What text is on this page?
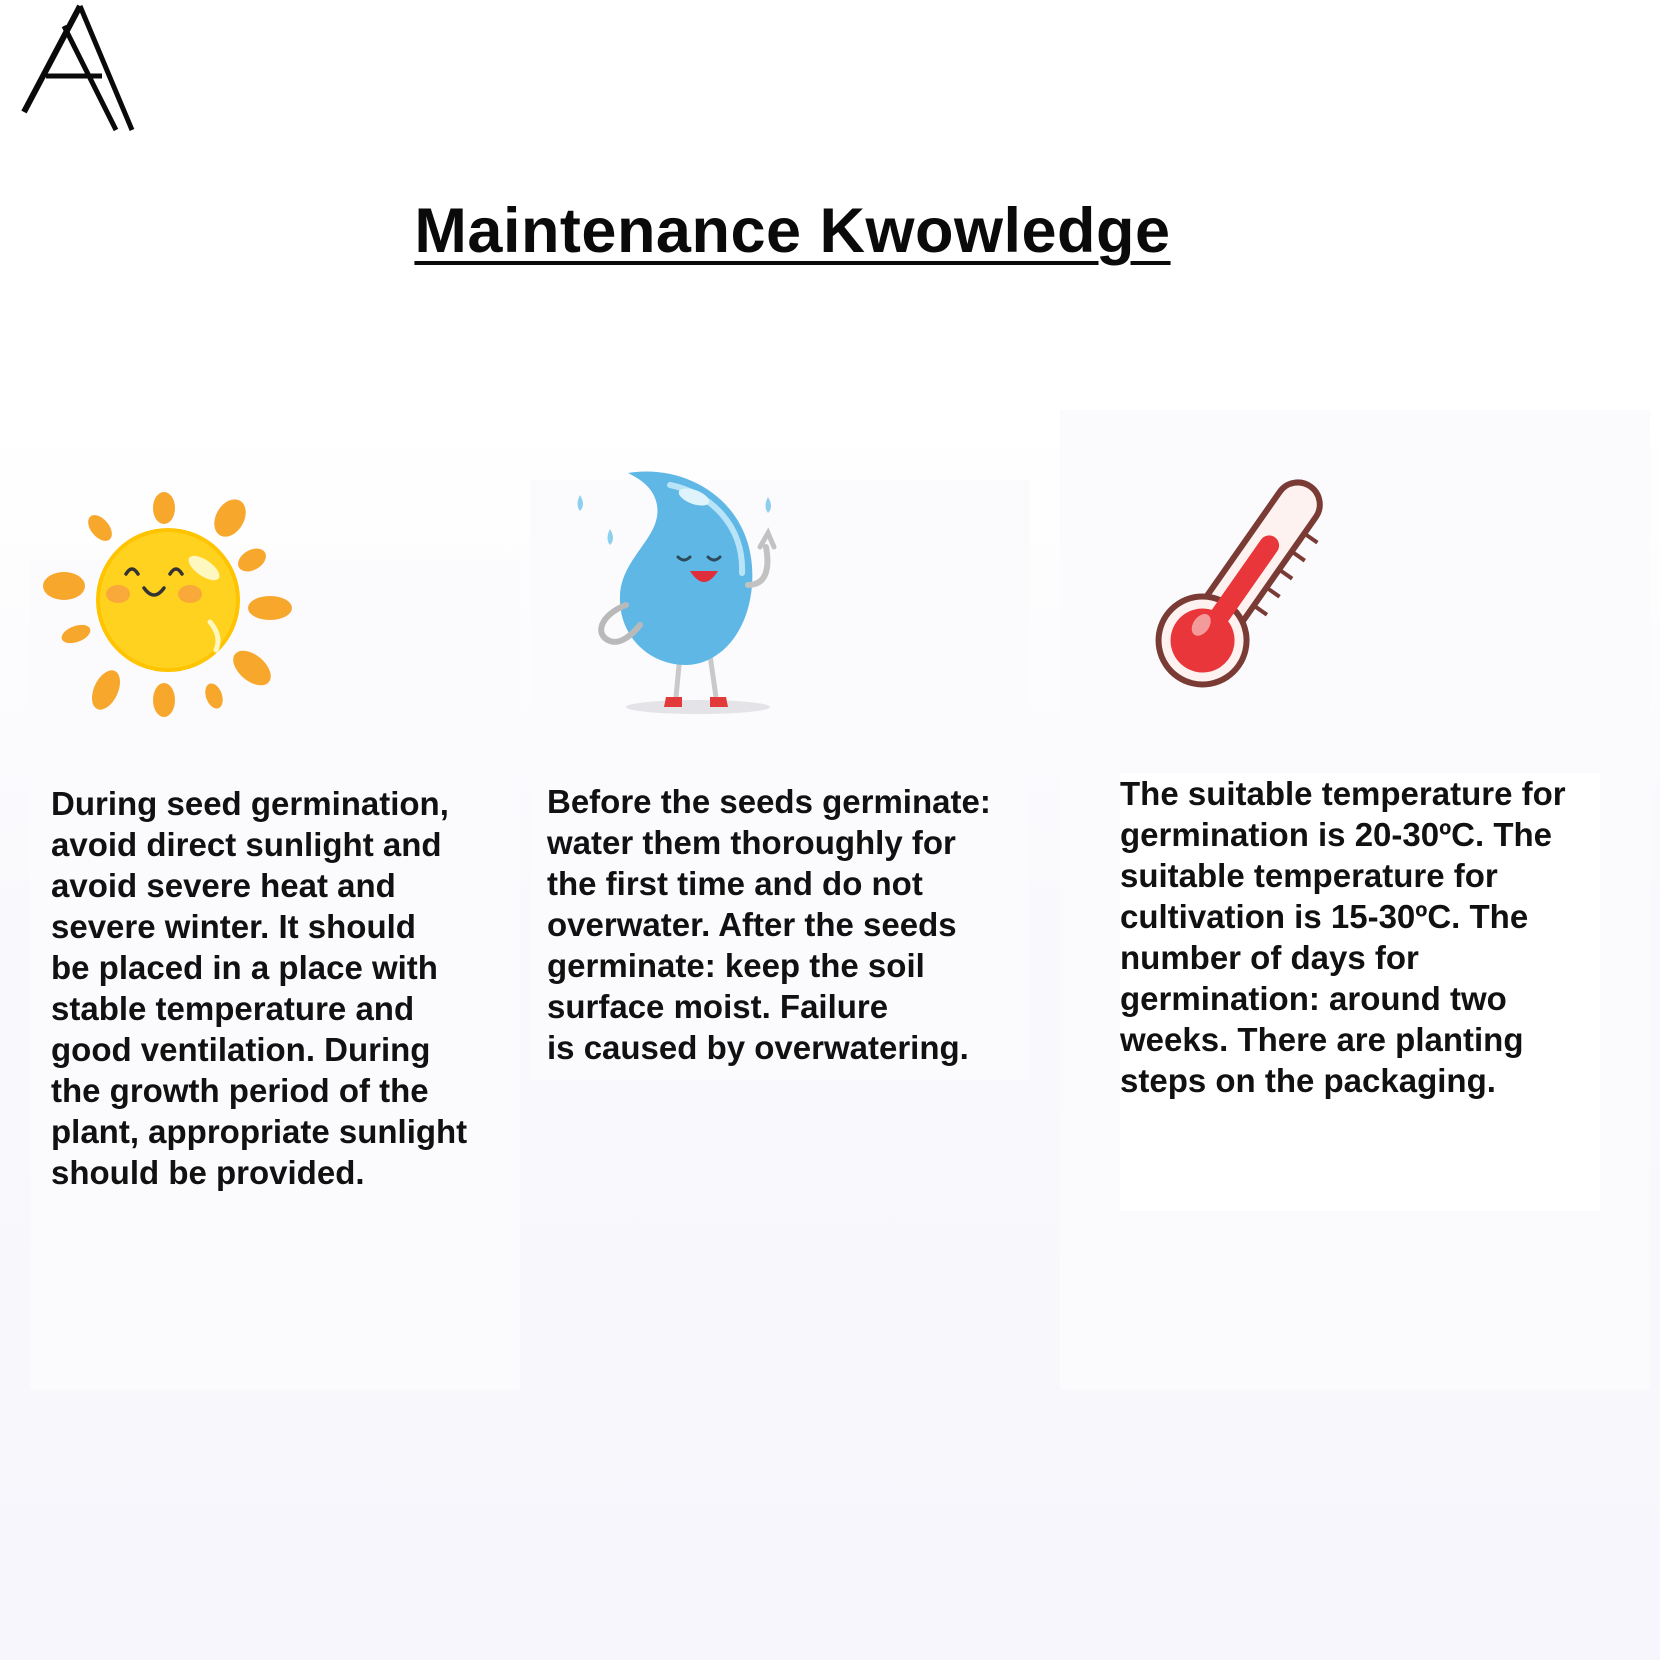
Maintenance Kwowledge

During seed germination,
avoid direct sunlight and
avoid severe heat and
severe winter. It should
be placed in a place with
stable temperature and
good ventilation. During
the growth period of the
plant, appropriate sunlight
should be provided.

Before the seeds germinate:
water them thoroughly for
the first time and do not
overwater. After the seeds
germinate: keep the soil
surface moist. Failure
is caused by overwatering.

The suitable temperature for
germination is 20-30ºC. The
suitable temperature for
cultivation is 15-30ºC. The
number of days for
germination: around two
weeks. There are planting
steps on the packaging.
